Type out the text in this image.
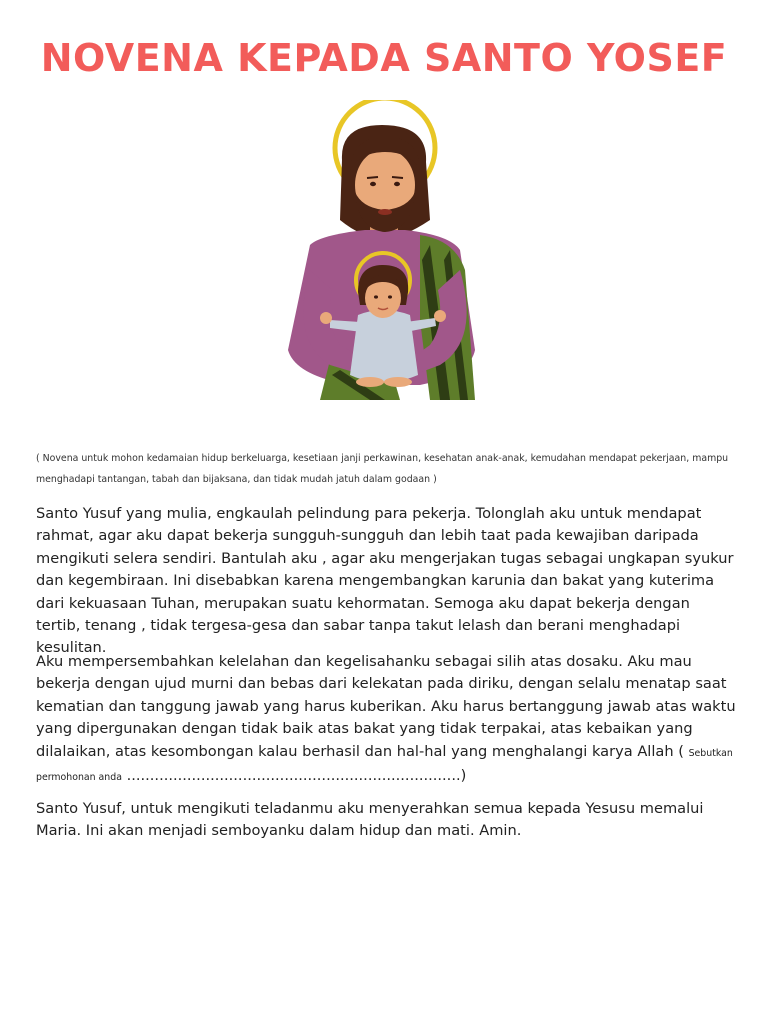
NOVENA KEPADA SANTO YOSEF
( Novena untuk mohon kedamaian hidup berkeluarga, kesetiaan janji perkawinan, kesehatan anak-anak, kemudahan mendapat pekerjaan, mampu menghadapi tantangan, tabah dan bijaksana, dan tidak mudah jatuh dalam godaan )

Santo Yusuf yang mulia, engkaulah pelindung para pekerja. Tolonglah aku untuk mendapat rahmat, agar aku dapat bekerja sungguh-sungguh dan lebih taat pada kewajiban daripada mengikuti selera sendiri. Bantulah aku , agar aku mengerjakan tugas sebagai ungkapan syukur dan kegembiraan. Ini disebabkan karena mengembangkan karunia dan bakat yang kuterima dari kekuasaan Tuhan, merupakan suatu kehormatan. Semoga aku dapat bekerja dengan tertib, tenang , tidak tergesa-gesa dan sabar tanpa takut lelash dan berani menghadapi kesulitan.

Aku mempersembahkan kelelahan dan kegelisahanku sebagai silih atas dosaku. Aku mau bekerja dengan ujud murni dan bebas dari kelekatan pada diriku, dengan selalu menatap saat kematian dan tanggung jawab yang harus kuberikan. Aku harus bertanggung jawab atas waktu yang dipergunakan dengan tidak baik atas bakat yang tidak terpakai, atas kebaikan yang dilalaikan, atas kesombongan kalau berhasil dan hal-hal yang menghalangi karya Allah ( Sebutkan permohonan anda ........................................................................)

Santo Yusuf, untuk mengikuti teladanmu aku menyerahkan semua kepada Yesusu memalui Maria. Ini akan menjadi semboyanku dalam hidup dan mati. Amin.
